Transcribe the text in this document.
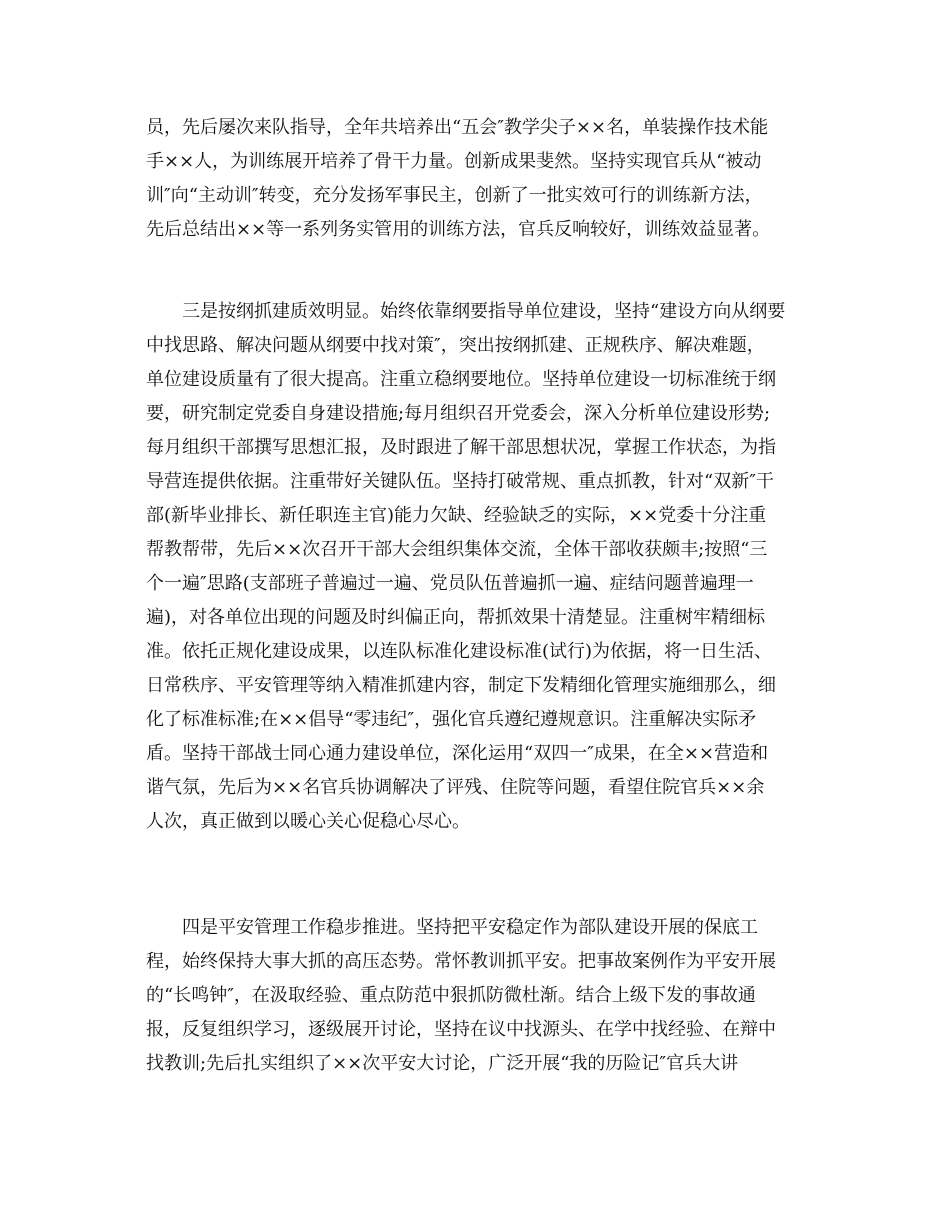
员，先后屡次来队指导，全年共培养出“五会″教学尖子××名，单装操作技术能
手××人，为训练展开培养了骨干力量。创新成果斐然。坚持实现官兵从“被动
训″向“主动训″转变，充分发扬军事民主，创新了一批实效可行的训练新方法，
先后总结出××等一系列务实管用的训练方法，官兵反响较好，训练效益显著。
　　三是按纲抓建质效明显。始终依靠纲要指导单位建设，坚持“建设方向从纲要
中找思路、解决问题从纲要中找对策″，突出按纲抓建、正规秩序、解决难题，
单位建设质量有了很大提高。注重立稳纲要地位。坚持单位建设一切标准统于纲
要，研究制定党委自身建设措施;每月组织召开党委会，深入分析单位建设形势;
每月组织干部撰写思想汇报，及时跟进了解干部思想状况，掌握工作状态，为指
导营连提供依据。注重带好关键队伍。坚持打破常规、重点抓教，针对“双新″干
部(新毕业排长、新任职连主官)能力欠缺、经验缺乏的实际，××党委十分注重
帮教帮带，先后××次召开干部大会组织集体交流，全体干部收获颇丰;按照“三
个一遍″思路(支部班子普遍过一遍、党员队伍普遍抓一遍、症结问题普遍理一
遍)，对各单位出现的问题及时纠偏正向，帮抓效果十清楚显。注重树牢精细标
准。依托正规化建设成果，以连队标准化建设标准(试行)为依据，将一日生活、
日常秩序、平安管理等纳入精准抓建内容，制定下发精细化管理实施细那么，细
化了标准标准;在××倡导“零违纪″，强化官兵遵纪遵规意识。注重解决实际矛
盾。坚持干部战士同心通力建设单位，深化运用“双四一″成果，在全××营造和
谐气氛，先后为××名官兵协调解决了评残、住院等问题，看望住院官兵××余
人次，真正做到以暖心关心促稳心尽心。
　　四是平安管理工作稳步推进。坚持把平安稳定作为部队建设开展的保底工
程，始终保持大事大抓的高压态势。常怀教训抓平安。把事故案例作为平安开展
的“长鸣钟″，在汲取经验、重点防范中狠抓防微杜渐。结合上级下发的事故通
报，反复组织学习，逐级展开讨论，坚持在议中找源头、在学中找经验、在辩中
找教训;先后扎实组织了××次平安大讨论，广泛开展“我的历险记″官兵大讲
